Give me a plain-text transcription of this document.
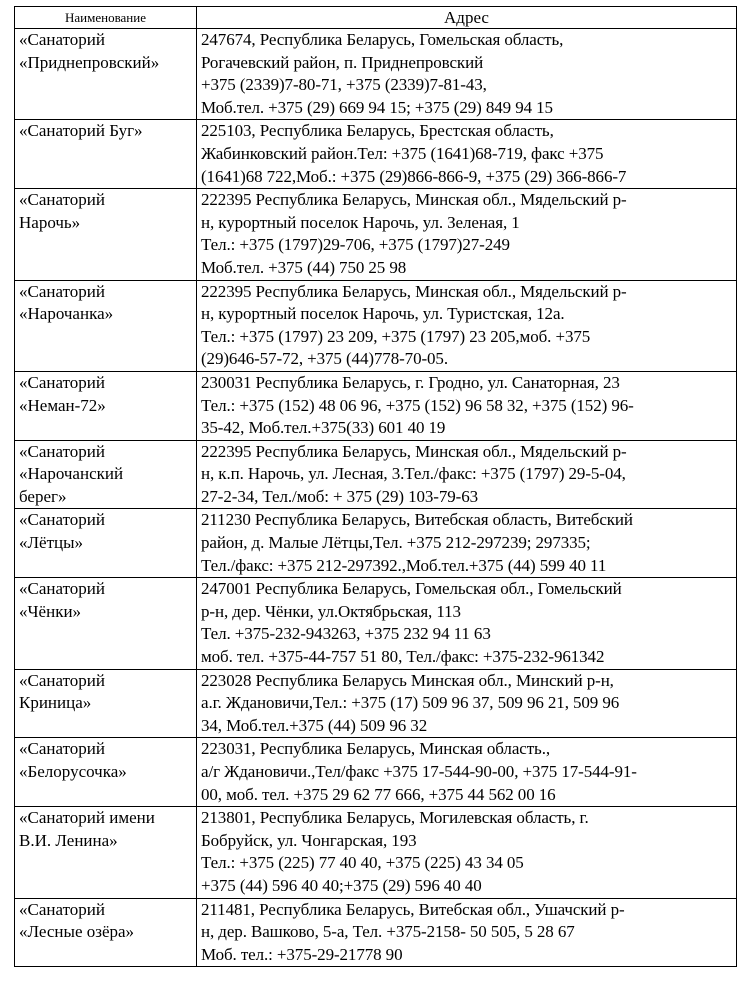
Наименование	Адрес

«Санаторий
«Приднепровский»	247674, Республика Беларусь, Гомельская область,
Рогачевский район, п. Приднепровский
+375 (2339)7-80-71, +375 (2339)7-81-43,
Моб.тел. +375 (29) 669 94 15; +375 (29) 849 94 15

«Санаторий Буг»	225103, Республика Беларусь, Брестская область,
Жабинковский район.Тел: +375 (1641)68-719, факс +375
(1641)68 722,Моб.: +375 (29)866-866-9, +375 (29) 366-866-7

«Санаторий
Нарочь»	222395 Республика Беларусь, Минская обл., Мядельский р-
н, курортный поселок Нарочь, ул. Зеленая, 1
Тел.: +375 (1797)29-706, +375 (1797)27-249
Моб.тел. +375 (44) 750 25 98

«Санаторий
«Нарочанка»	222395 Республика Беларусь, Минская обл., Мядельский р-
н, курортный поселок Нарочь, ул. Туристская, 12а.
Тел.: +375 (1797) 23 209, +375 (1797) 23 205,моб. +375
(29)646-57-72, +375 (44)778-70-05.

«Санаторий
«Неман-72»	230031 Республика Беларусь, г. Гродно, ул. Санаторная, 23
Тел.: +375 (152) 48 06 96, +375 (152) 96 58 32, +375 (152) 96-
35-42, Моб.тел.+375(33) 601 40 19

«Санаторий
«Нарочанский
берег»	222395 Республика Беларусь, Минская обл., Мядельский р-
н, к.п. Нарочь, ул. Лесная, 3.Тел./факс: +375 (1797) 29-5-04,
27-2-34, Тел./моб: + 375 (29) 103-79-63

«Санаторий
«Лётцы»	211230 Республика Беларусь, Витебская область, Витебский
район, д. Малые Лётцы,Тел. +375 212-297239; 297335;
Тел./факс: +375 212-297392.,Моб.тел.+375 (44) 599 40 11

«Санаторий
«Чёнки»	247001 Республика Беларусь, Гомельская обл., Гомельский
р-н, дер. Чёнки, ул.Октябрьская, 113
Тел. +375-232-943263, +375 232 94 11 63
моб. тел. +375-44-757 51 80, Тел./факс: +375-232-961342

«Санаторий
Криница»	223028 Республика Беларусь Минская обл., Минский р-н,
а.г. Ждановичи,Тел.: +375 (17) 509 96 37, 509 96 21, 509 96
34, Моб.тел.+375 (44) 509 96 32

«Санаторий
«Белорусочка»	223031, Республика Беларусь, Минская область.,
а/г Ждановичи.,Тел/факс +375 17-544-90-00, +375 17-544-91-
00, моб. тел. +375 29 62 77 666, +375 44 562 00 16

«Санаторий имени
В.И. Ленина»	213801, Республика Беларусь, Могилевская область, г.
Бобруйск, ул. Чонгарская, 193
Тел.: +375 (225) 77 40 40, +375 (225) 43 34 05
+375 (44) 596 40 40;+375 (29) 596 40 40

«Санаторий
«Лесные озёра»	211481, Республика Беларусь, Витебская обл., Ушачский р-
н, дер. Вашково, 5-а, Тел. +375-2158- 50 505, 5 28 67
Моб. тел.: +375-29-21778 90
